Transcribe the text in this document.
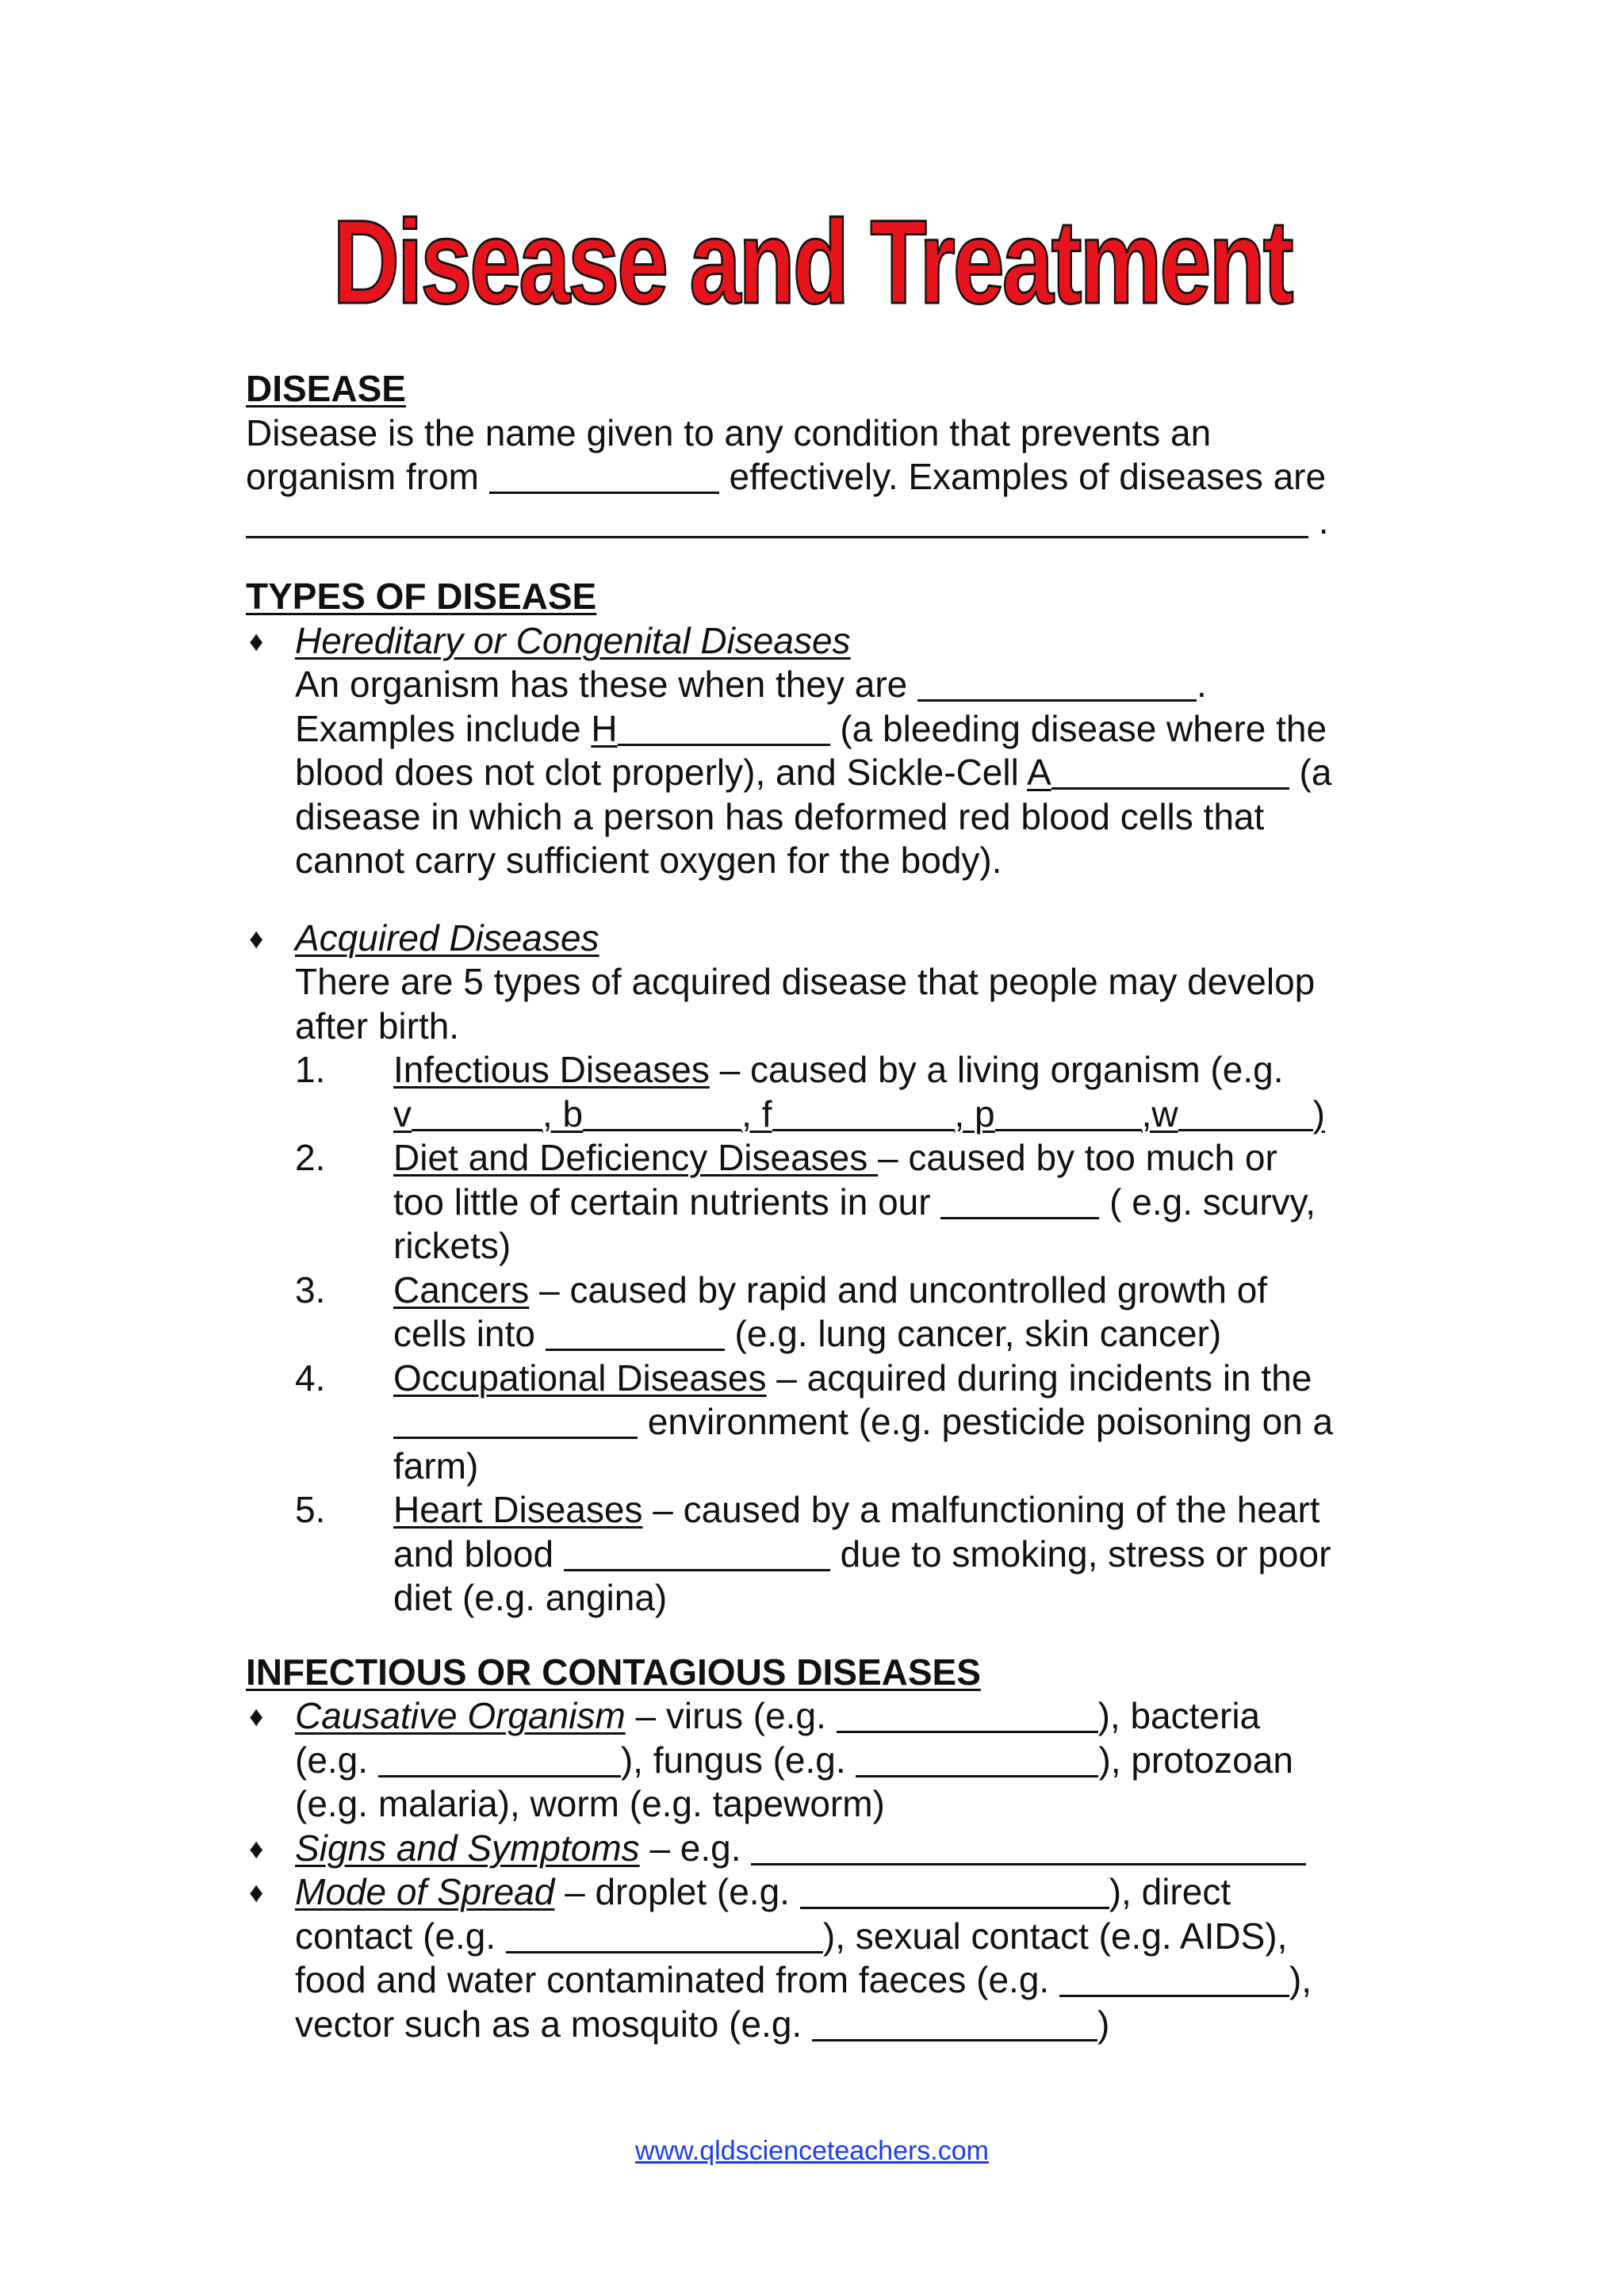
Disease and Treatment
DISEASE
Disease is the name given to any condition that prevents an
organism from	effectively. Examples of diseases are
.
TYPES OF DISEASE
♦ Hereditary or Congenital Diseases
An organism has these when they are	.
Examples include H	(a bleeding disease where the
blood does not clot properly), and Sickle-Cell A	(a
disease in which a person has deformed red blood cells that
cannot carry sufficient oxygen for the body).
♦ Acquired Diseases
There are 5 types of acquired disease that people may develop
after birth.
1. Infectious Diseases – caused by a living organism (e.g.
v	, b	, f	, p	,w	)
2. Diet and Deficiency Diseases – caused by too much or
too little of certain nutrients in our	( e.g. scurvy,
rickets)
3. Cancers – caused by rapid and uncontrolled growth of
cells into	(e.g. lung cancer, skin cancer)
4. Occupational Diseases – acquired during incidents in the
environment (e.g. pesticide poisoning on a
farm)
5. Heart Diseases – caused by a malfunctioning of the heart
and blood	due to smoking, stress or poor
diet (e.g. angina)
INFECTIOUS OR CONTAGIOUS DISEASES
♦ Causative Organism – virus (e.g.	), bacteria
(e.g.	), fungus (e.g.	), protozoan
(e.g. malaria), worm (e.g. tapeworm)
♦ Signs and Symptoms – e.g.
♦ Mode of Spread – droplet (e.g.	), direct
contact (e.g.	), sexual contact (e.g. AIDS),
food and water contaminated from faeces (e.g.	),
vector such as a mosquito (e.g.	)
www.qldscienceteachers.com
